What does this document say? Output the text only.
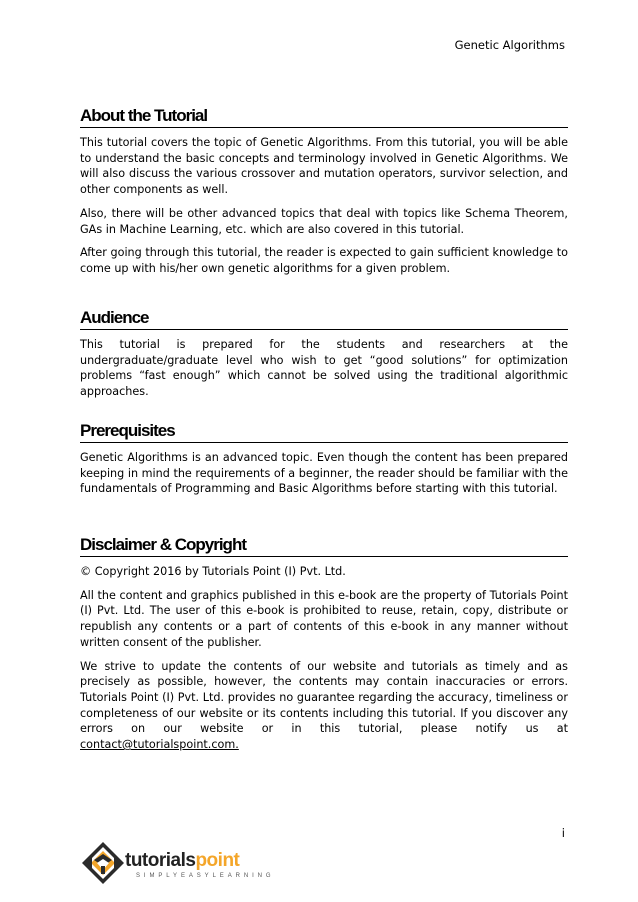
Genetic Algorithms
About the Tutorial

This tutorial covers the topic of Genetic Algorithms. From this tutorial, you will be able to understand the basic concepts and terminology involved in Genetic Algorithms. We will also discuss the various crossover and mutation operators, survivor selection, and other components as well.

Also, there will be other advanced topics that deal with topics like Schema Theorem, GAs in Machine Learning, etc. which are also covered in this tutorial.

After going through this tutorial, the reader is expected to gain sufficient knowledge to come up with his/her own genetic algorithms for a given problem.

Audience

This tutorial is prepared for the students and researchers at the undergraduate/graduate level who wish to get “good solutions” for optimization problems “fast enough” which cannot be solved using the traditional algorithmic approaches.

Prerequisites

Genetic Algorithms is an advanced topic. Even though the content has been prepared keeping in mind the requirements of a beginner, the reader should be familiar with the fundamentals of Programming and Basic Algorithms before starting with this tutorial.

Disclaimer & Copyright

© Copyright 2016 by Tutorials Point (I) Pvt. Ltd.

All the content and graphics published in this e-book are the property of Tutorials Point (I) Pvt. Ltd. The user of this e-book is prohibited to reuse, retain, copy, distribute or republish any contents or a part of contents of this e-book in any manner without written consent of the publisher.

We strive to update the contents of our website and tutorials as timely and as precisely as possible, however, the contents may contain inaccuracies or errors. Tutorials Point (I) Pvt. Ltd. provides no guarantee regarding the accuracy, timeliness or completeness of our website or its contents including this tutorial. If you discover any errors on our website or in this tutorial, please notify us at contact@tutorialspoint.com.

i
tutorialspoint
SIMPLYEASYLEARNING
